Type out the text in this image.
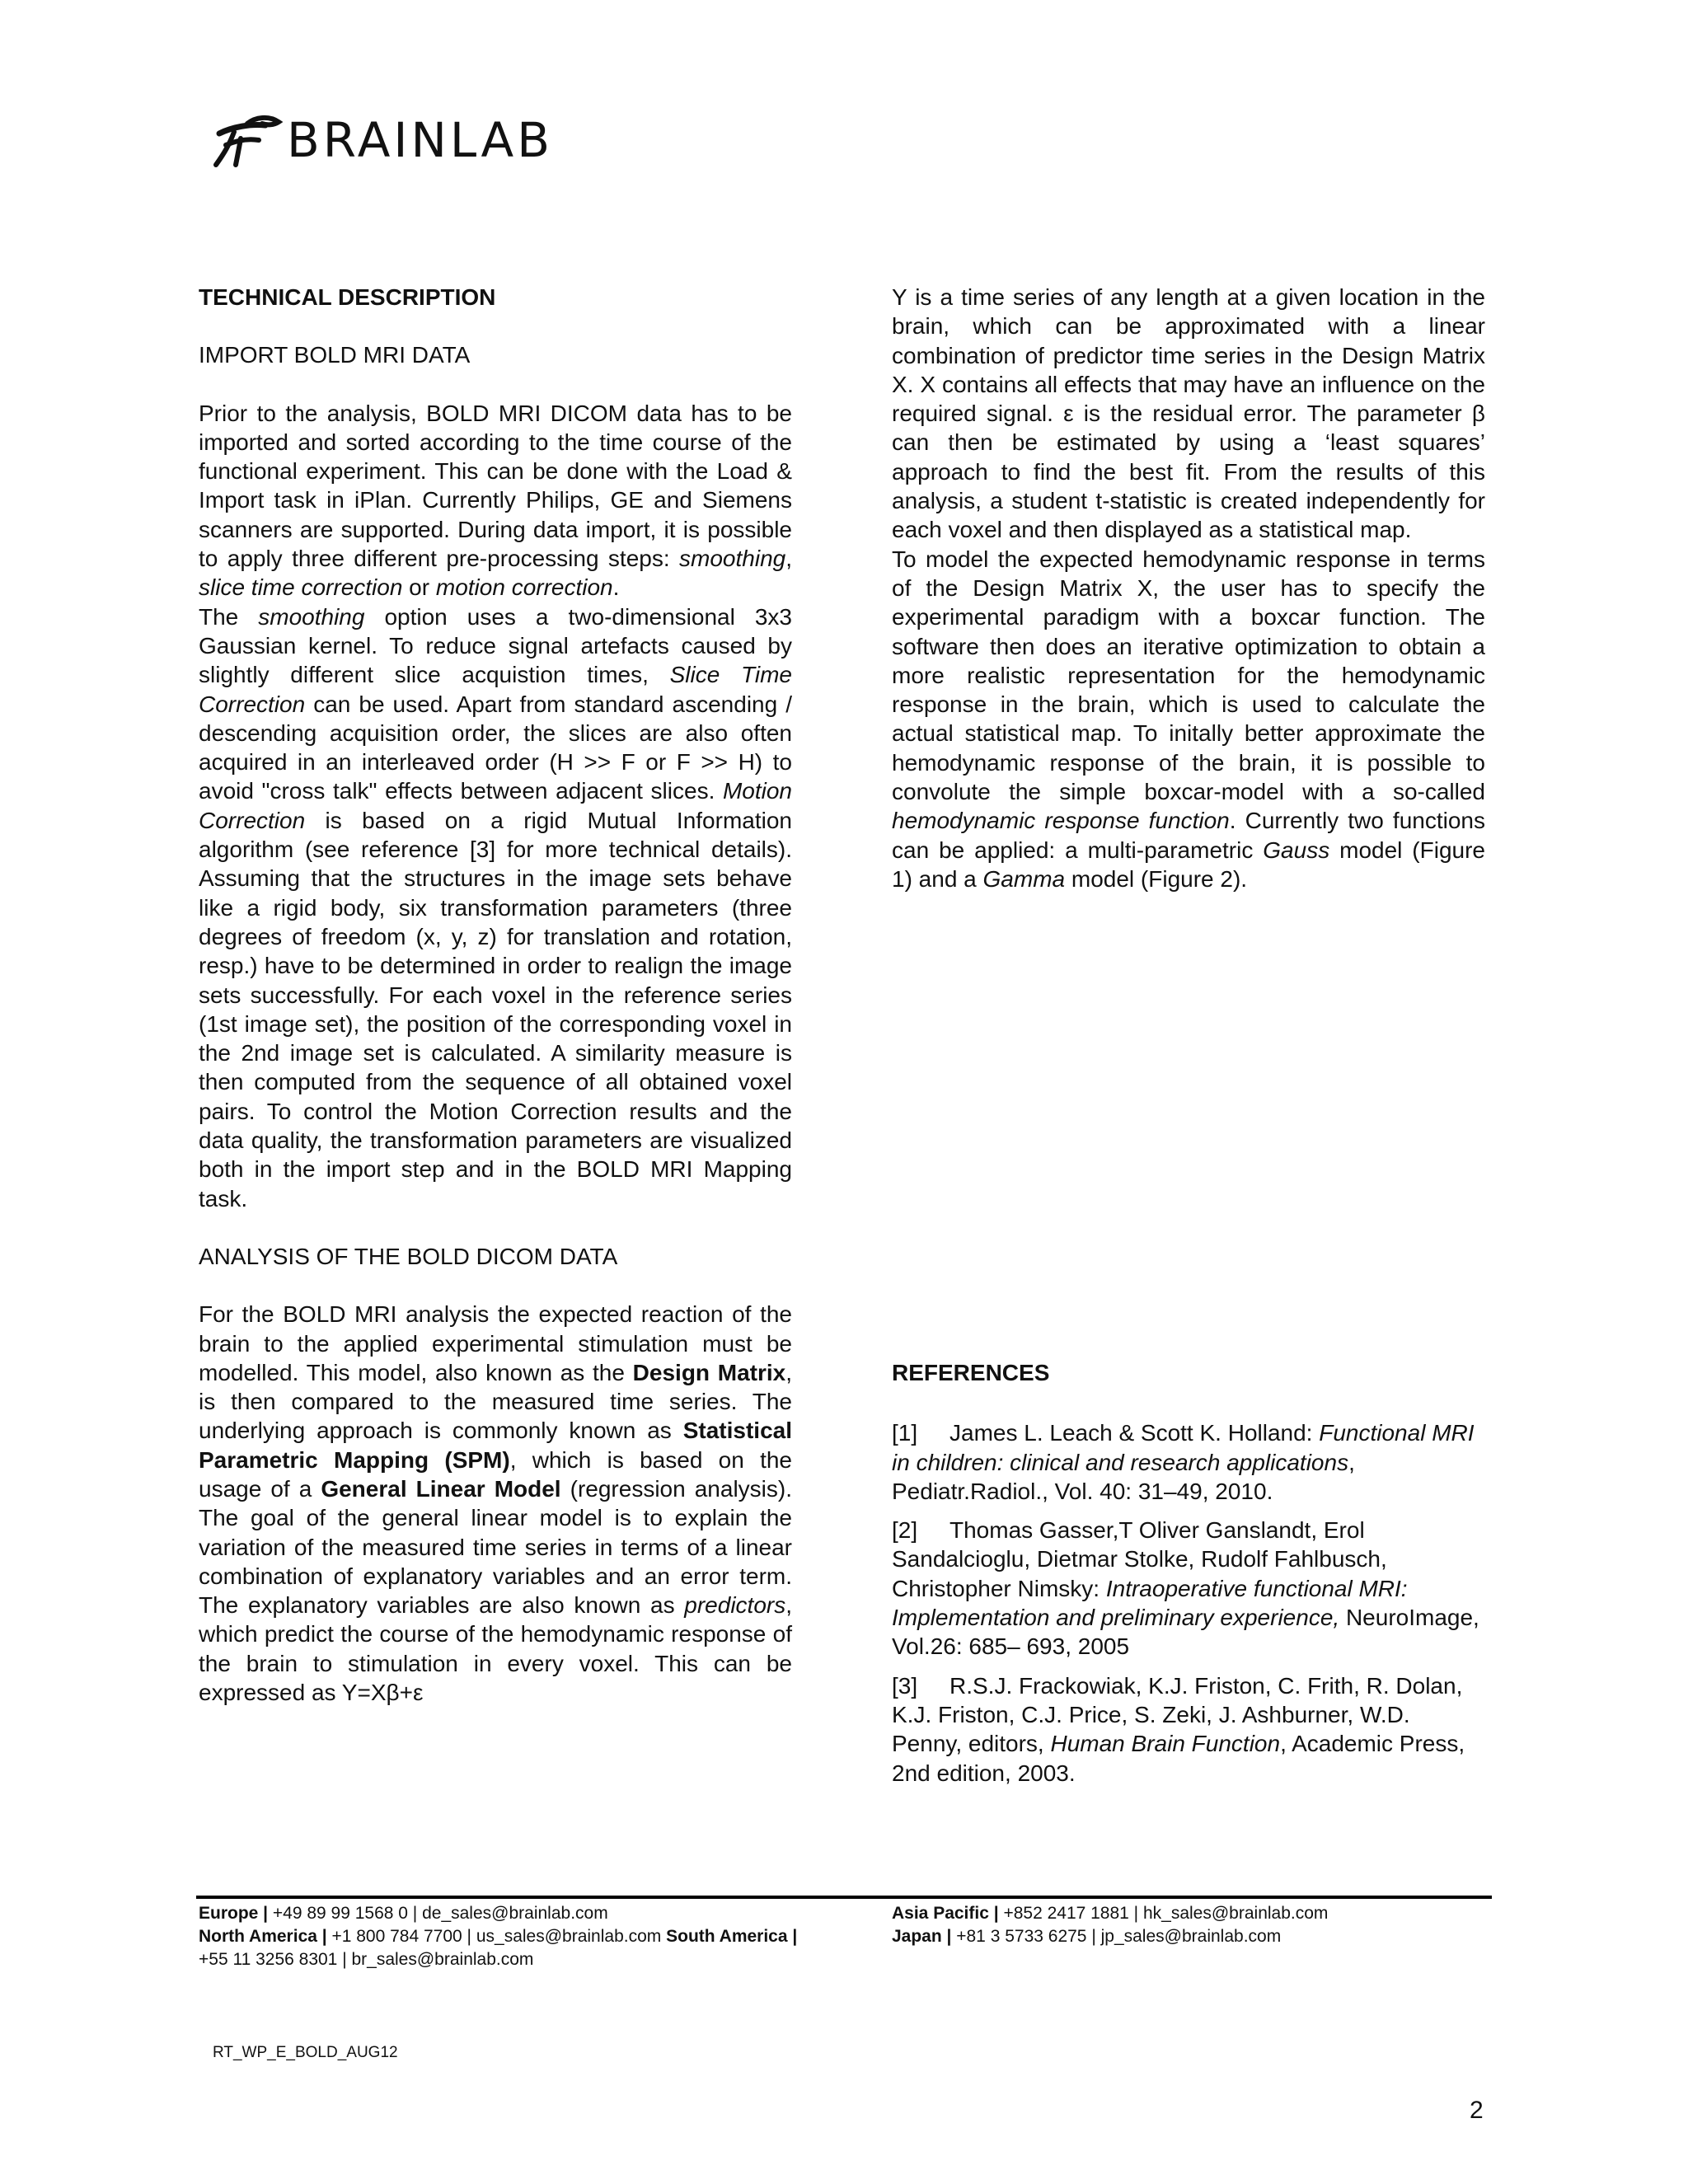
BRAINLAB
TECHNICAL DESCRIPTION
IMPORT BOLD MRI DATA

Prior to the analysis, BOLD MRI DICOM data has to be imported and sorted according to the time course of the functional experiment. This can be done with the Load & Import task in iPlan. Currently Philips, GE and Siemens scanners are supported. During data import, it is possible to apply three different pre-processing steps: smoothing, slice time correction or motion correction.

The smoothing option uses a two-dimensional 3x3 Gaussian kernel. To reduce signal artefacts caused by slightly different slice acquistion times, Slice Time Correction can be used. Apart from standard ascending / descending acquisition order, the slices are also often acquired in an interleaved order (H >> F or F >> H) to avoid "cross talk" effects between adjacent slices. Motion Correction is based on a rigid Mutual Information algorithm (see reference [3] for more technical details). Assuming that the structures in the image sets behave like a rigid body, six transformation parameters (three degrees of freedom (x, y, z) for translation and rotation, resp.) have to be determined in order to realign the image sets successfully. For each voxel in the reference series (1st image set), the position of the corresponding voxel in the 2nd image set is calculated. A similarity measure is then computed from the sequence of all obtained voxel pairs. To control the Motion Correction results and the data quality, the transformation parameters are visualized both in the import step and in the BOLD MRI Mapping task.

ANALYSIS OF THE BOLD DICOM DATA

For the BOLD MRI analysis the expected reaction of the brain to the applied experimental stimulation must be modelled. This model, also known as the Design Matrix, is then compared to the measured time series. The underlying approach is commonly known as Statistical Parametric Mapping (SPM), which is based on the usage of a General Linear Model (regression analysis). The goal of the general linear model is to explain the variation of the measured time series in terms of a linear combination of explanatory variables and an error term. The explanatory variables are also known as predictors, which predict the course of the hemodynamic response of the brain to stimulation in every voxel. This can be expressed as Y=Xβ+ε

Y is a time series of any length at a given location in the brain, which can be approximated with a linear combination of predictor time series in the Design Matrix X. X contains all effects that may have an influence on the required signal. ε is the residual error. The parameter β can then be estimated by using a ‘least squares’ approach to find the best fit. From the results of this analysis, a student t-statistic is created independently for each voxel and then displayed as a statistical map.

To model the expected hemodynamic response in terms of the Design Matrix X, the user has to specify the experimental paradigm with a boxcar function. The software then does an iterative optimization to obtain a more realistic representation for the hemodynamic response in the brain, which is used to calculate the actual statistical map. To initally better approximate the hemodynamic response of the brain, it is possible to convolute the simple boxcar-model with a so-called hemodynamic response function. Currently two functions can be applied: a multi-parametric Gauss model (Figure 1) and a Gamma model (Figure 2).

REFERENCES
[1] James L. Leach & Scott K. Holland: Functional MRI in children: clinical and research applications, Pediatr.Radiol., Vol. 40: 31–49, 2010.
[2] Thomas Gasser,T Oliver Ganslandt, Erol Sandalcioglu, Dietmar Stolke, Rudolf Fahlbusch, Christopher Nimsky: Intraoperative functional MRI: Implementation and preliminary experience, NeuroImage, Vol.26: 685– 693, 2005
[3] R.S.J. Frackowiak, K.J. Friston, C. Frith, R. Dolan, K.J. Friston, C.J. Price, S. Zeki, J. Ashburner, W.D. Penny, editors, Human Brain Function, Academic Press, 2nd edition, 2003.
Europe | +49 89 99 1568 0 | de_sales@brainlab.com
North America | +1 800 784 7700 | us_sales@brainlab.com South America | +55 11 3256 8301 | br_sales@brainlab.com
Asia Pacific | +852 2417 1881 | hk_sales@brainlab.com
Japan | +81 3 5733 6275 | jp_sales@brainlab.com
RT_WP_E_BOLD_AUG12
2
